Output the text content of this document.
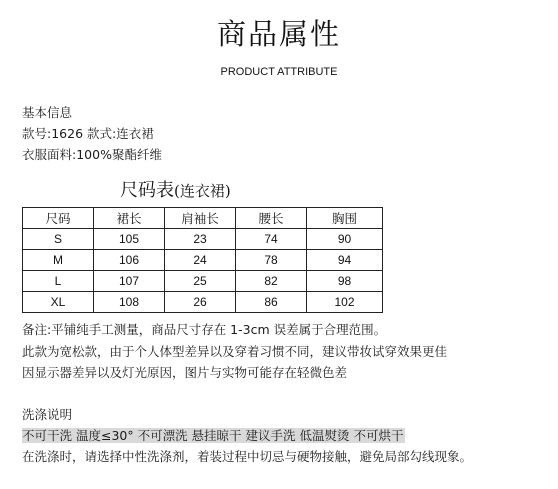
商品属性
PRODUCT ATTRIBUTE
基本信息
款号:1626 款式:连衣裙
衣服面料:100%聚酯纤维
尺码表(连衣裙)
尺码	裙长	肩袖长	腰长	胸围
S	105	23	74	90
M	106	24	78	94
L	107	25	82	98
XL	108	26	86	102
备注:平铺纯手工测量，商品尺寸存在 1-3cm 误差属于合理范围。
此款为宽松款，由于个人体型差异以及穿着习惯不同，建议带妆试穿效果更佳
因显示器差异以及灯光原因，图片与实物可能存在轻微色差
洗涤说明
不可干洗 温度≤30° 不可漂洗 悬挂晾干 建议手洗 低温熨烫 不可烘干
在洗涤时，请选择中性洗涤剂，着装过程中切忌与硬物接触，避免局部勾线现象。
